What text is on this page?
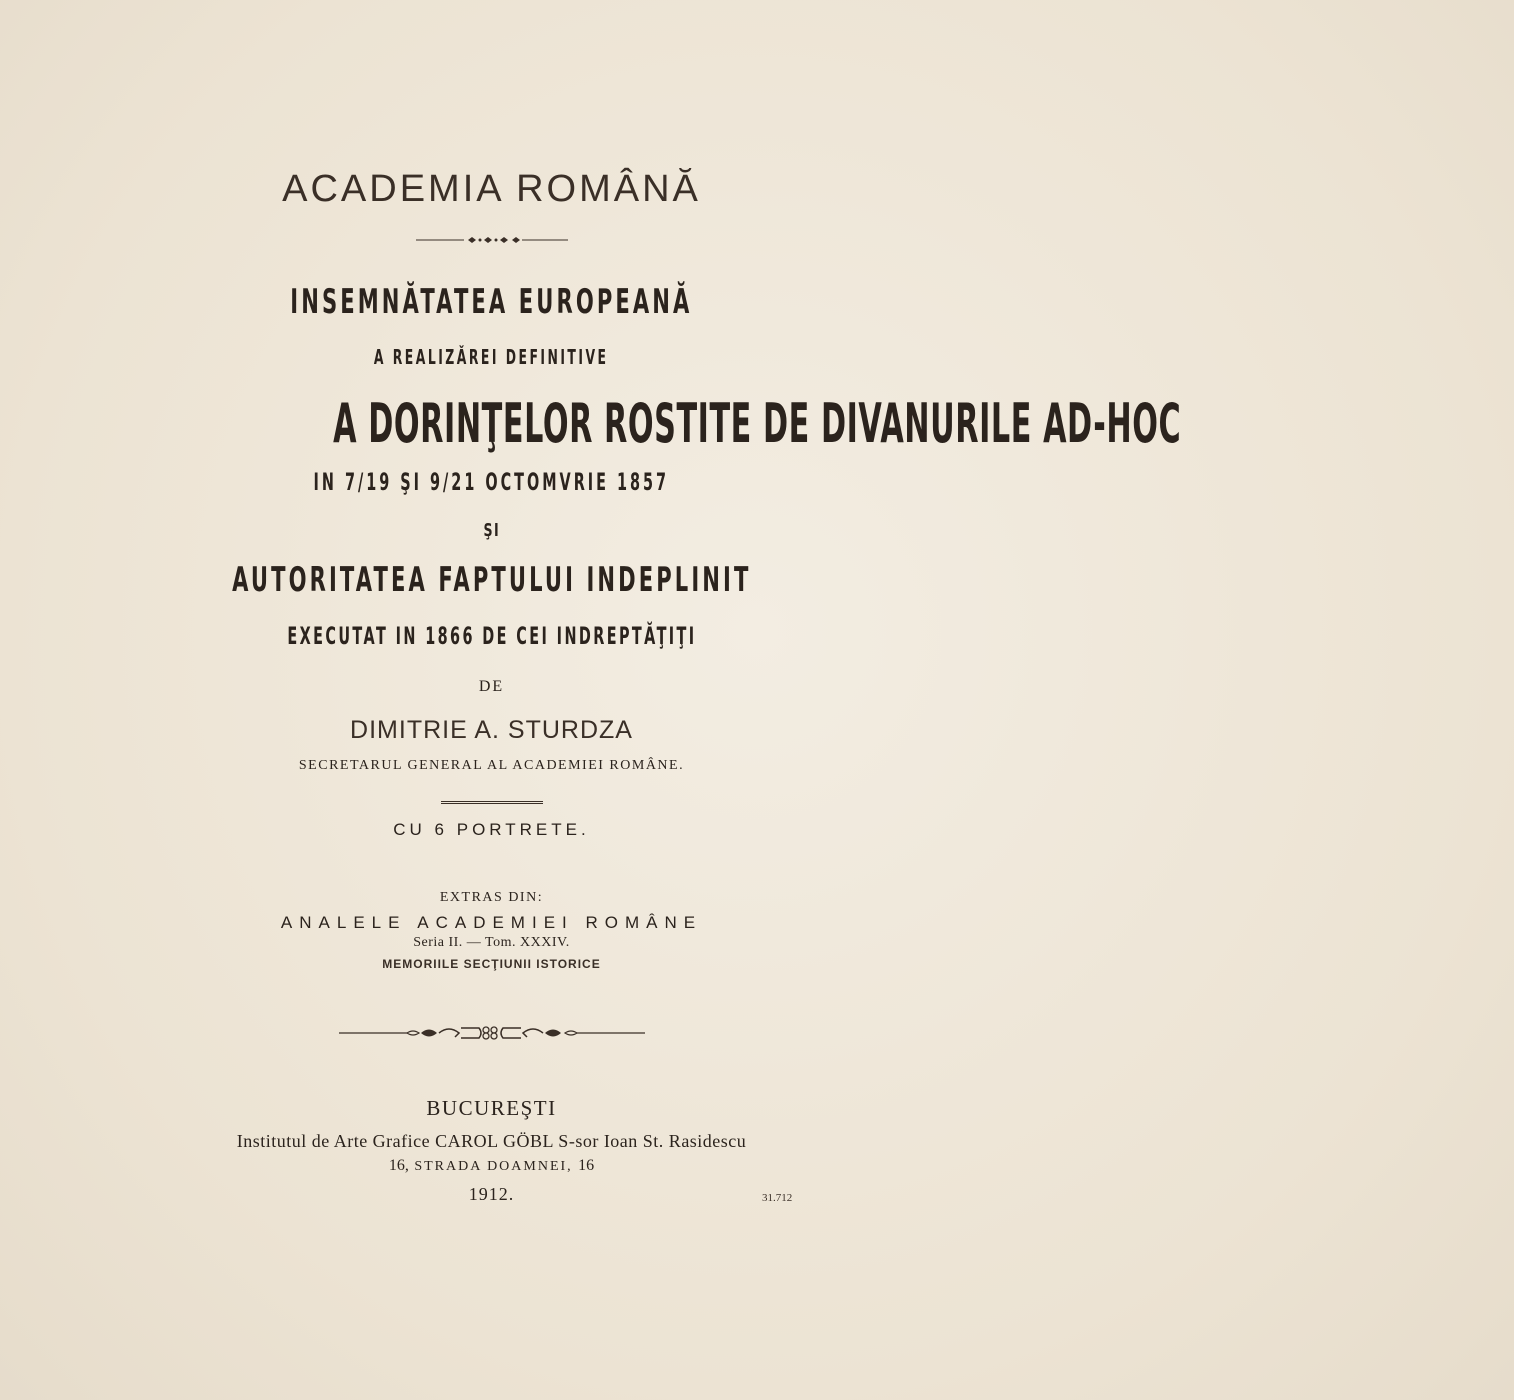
ACADEMIA ROMÂNĂ
INSEMNĂTATEA EUROPEANĂ
A REALIZĂREI DEFINITIVE
A DORINŢELOR ROSTITE DE DIVANURILE AD-HOC
IN 7/19 ŞI 9/21 OCTOMVRIE 1857
ŞI
AUTORITATEA FAPTULUI INDEPLINIT
EXECUTAT IN 1866 DE CEI INDREPTĂŢIŢI
DE
DIMITRIE A. STURDZA
SECRETARUL GENERAL AL ACADEMIEI ROMÂNE.
CU 6 PORTRETE.
EXTRAS DIN:
ANALELE ACADEMIEI ROMÂNE
Seria II. — Tom. XXXIV.
MEMORIILE SECŢIUNII ISTORICE
BUCUREŞTI
Institutul de Arte Grafice CAROL GÖBL S-sor Ioan St. Rasidescu
16, STRADA DOAMNEI, 16
1912.	31.712
